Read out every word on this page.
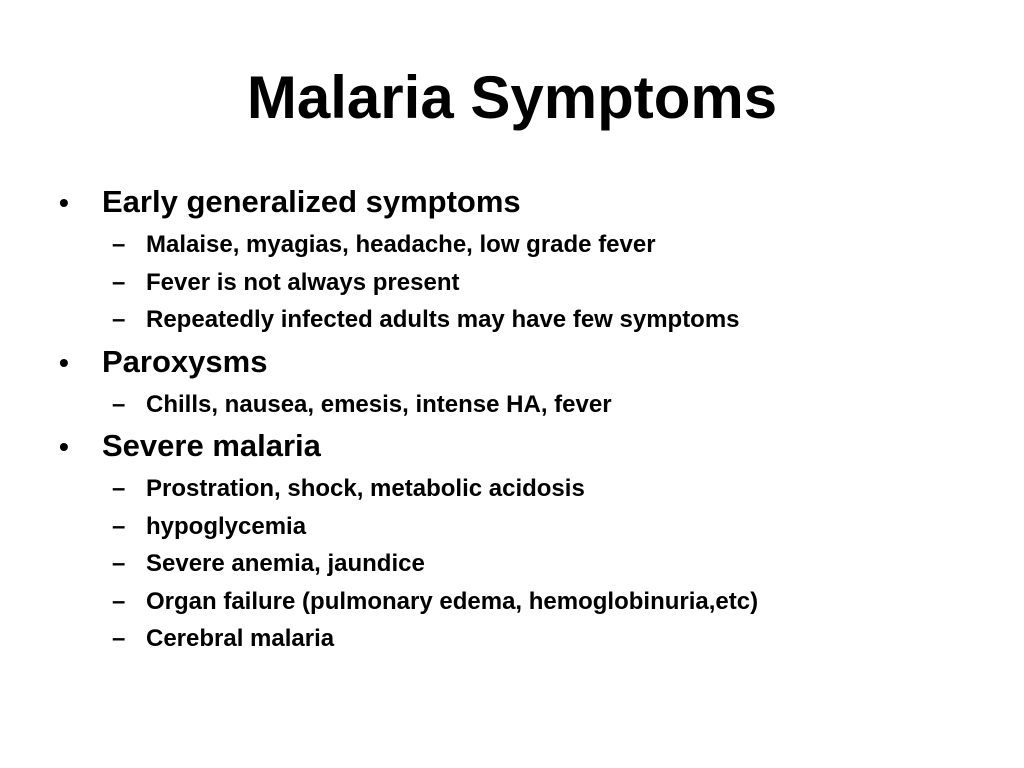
Malaria Symptoms
•	Early generalized symptoms
– Malaise, myagias, headache, low grade fever
– Fever is not always present
– Repeatedly infected adults may have few symptoms
•	Paroxysms
– Chills, nausea, emesis, intense HA, fever
•	Severe malaria
– Prostration, shock, metabolic acidosis
– hypoglycemia
– Severe anemia, jaundice
– Organ failure (pulmonary edema, hemoglobinuria,etc)
– Cerebral malaria
